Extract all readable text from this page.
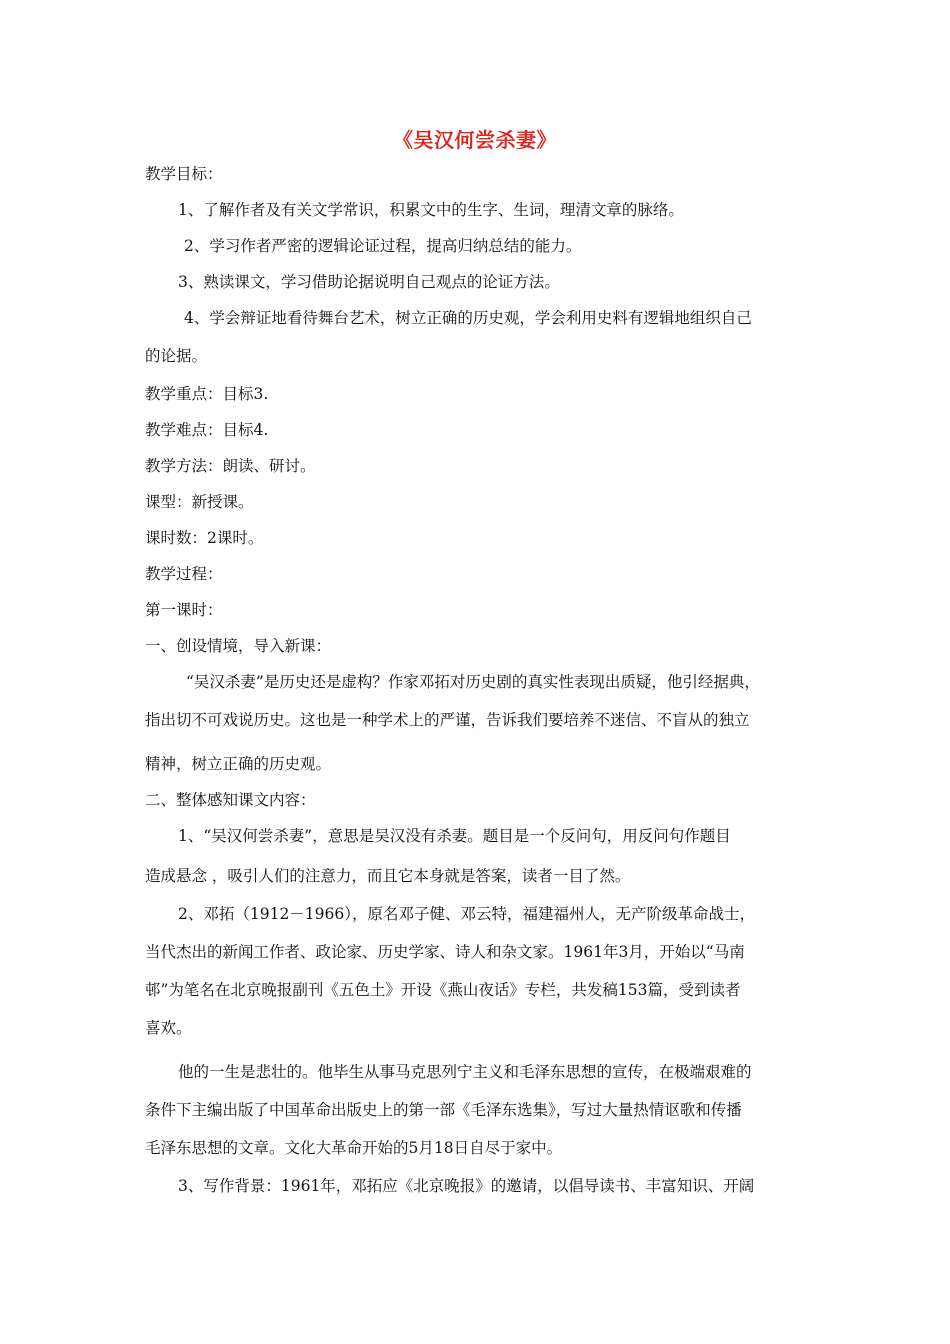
《吴汉何尝杀妻》
教学目标：
1、了解作者及有关文学常识，积累文中的生字、生词，理清文章的脉络。
2、学习作者严密的逻辑论证过程，提高归纳总结的能力。
3、熟读课文，学习借助论据说明自己观点的论证方法。
4、学会辩证地看待舞台艺术，树立正确的历史观，学会利用史料有逻辑地组织自己
的论据。
教学重点：目标3.
教学难点：目标4.
教学方法：朗读、研讨。
课型：新授课。
课时数：2课时。
教学过程：
第一课时：
一、创设情境，导入新课：
“吴汉杀妻”是历史还是虚构？作家邓拓对历史剧的真实性表现出质疑，他引经据典，
指出切不可戏说历史。这也是一种学术上的严谨，告诉我们要培养不迷信、不盲从的独立
精神，树立正确的历史观。
二、整体感知课文内容：
1、“吴汉何尝杀妻”，意思是吴汉没有杀妻。题目是一个反问句，用反问句作题目
造成悬念 ，吸引人们的注意力，而且它本身就是答案，读者一目了然。
2、邓拓（1912－1966），原名邓子健、邓云特，福建福州人，无产阶级革命战士，
当代杰出的新闻工作者、政论家、历史学家、诗人和杂文家。1961年3月，开始以“马南
邨”为笔名在北京晚报副刊《五色土》开设《燕山夜话》专栏，共发稿153篇，受到读者
喜欢。
他的一生是悲壮的。他毕生从事马克思列宁主义和毛泽东思想的宣传，在极端艰难的
条件下主编出版了中国革命出版史上的第一部《毛泽东选集》，写过大量热情讴歌和传播
毛泽东思想的文章。文化大革命开始的5月18日自尽于家中。
3、写作背景：1961年，邓拓应《北京晚报》的邀请，以倡导读书、丰富知识、开阔
